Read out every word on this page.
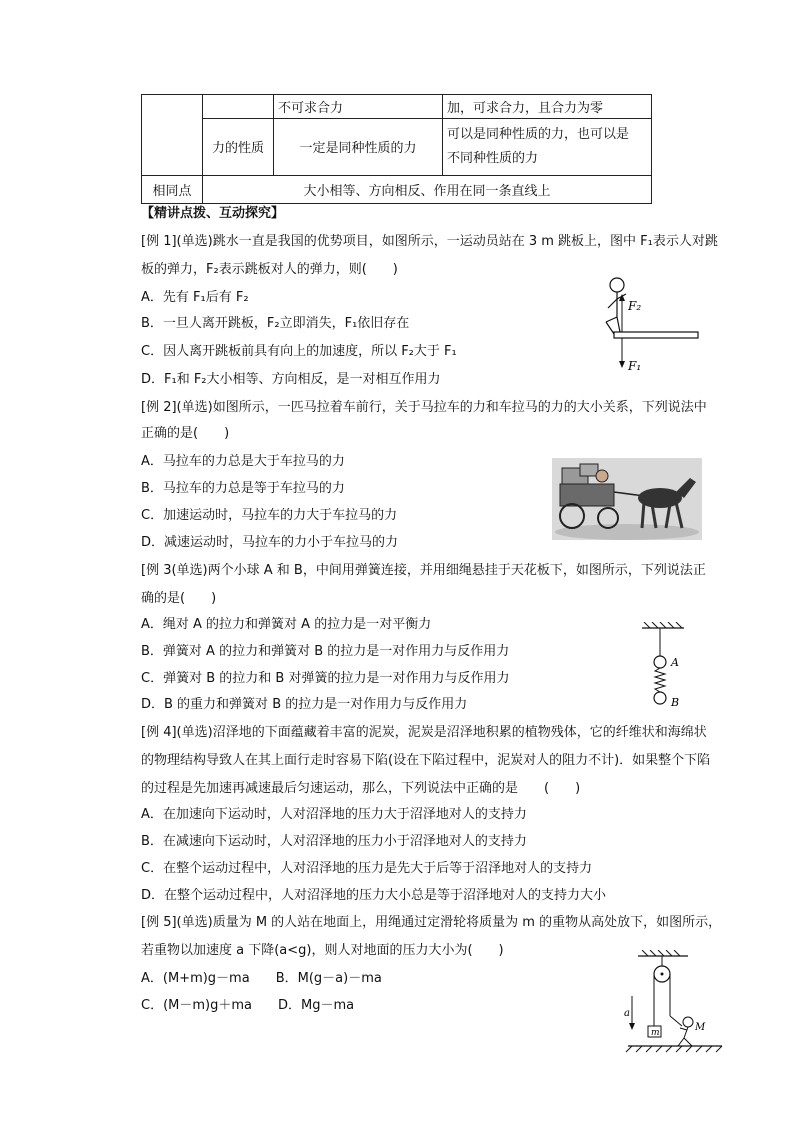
		不可求合力	加，可求合力，且合力为零
	力的性质	一定是同种性质的力	可以是同种性质的力，也可以是
不同种性质的力

相同点	大小相等、方向相反、作用在同一条直线上		
【精讲点拨、互动探究】
[例 1](单选)跳水一直是我国的优势项目，如图所示，一运动员站在 3 m 跳板上，图中 F₁表示人对跳
板的弹力，F₂表示跳板对人的弹力，则(　　)
A．先有 F₁后有 F₂
B．一旦人离开跳板，F₂立即消失，F₁依旧存在
C．因人离开跳板前具有向上的加速度，所以 F₂大于 F₁
D．F₁和 F₂大小相等、方向相反，是一对相互作用力
F₂
F₁
[例 2](单选)如图所示，一匹马拉着车前行，关于马拉车的力和车拉马的力的大小关系，下列说法中
正确的是(　　)
A．马拉车的力总是大于车拉马的力
B．马拉车的力总是等于车拉马的力
C．加速运动时，马拉车的力大于车拉马的力
D．减速运动时，马拉车的力小于车拉马的力
[例 3(单选)两个小球 A 和 B，中间用弹簧连接，并用细绳悬挂于天花板下，如图所示，下列说法正
确的是(　　)
A．绳对 A 的拉力和弹簧对 A 的拉力是一对平衡力
B．弹簧对 A 的拉力和弹簧对 B 的拉力是一对作用力与反作用力
C．弹簧对 B 的拉力和 B 对弹簧的拉力是一对作用力与反作用力
D．B 的重力和弹簧对 B 的拉力是一对作用力与反作用力
A
B
[例 4](单选)沼泽地的下面蕴藏着丰富的泥炭，泥炭是沼泽地积累的植物残体，它的纤维状和海绵状
的物理结构导致人在其上面行走时容易下陷(设在下陷过程中，泥炭对人的阻力不计)．如果整个下陷
的过程是先加速再减速最后匀速运动，那么，下列说法中正确的是　　(　　)
A．在加速向下运动时，人对沼泽地的压力大于沼泽地对人的支持力
B．在减速向下运动时，人对沼泽地的压力小于沼泽地对人的支持力
C．在整个运动过程中，人对沼泽地的压力是先大于后等于沼泽地对人的支持力
D．在整个运动过程中，人对沼泽地的压力大小总是等于沼泽地对人的支持力大小
[例 5](单选)质量为 M 的人站在地面上，用绳通过定滑轮将质量为 m 的重物从高处放下，如图所示，
若重物以加速度 a 下降(a<g)，则人对地面的压力大小为(　　)
A．(M+m)g－ma　　B．M(g－a)－ma
C．(M－m)g＋ma　　D．Mg－ma
m
a
M
